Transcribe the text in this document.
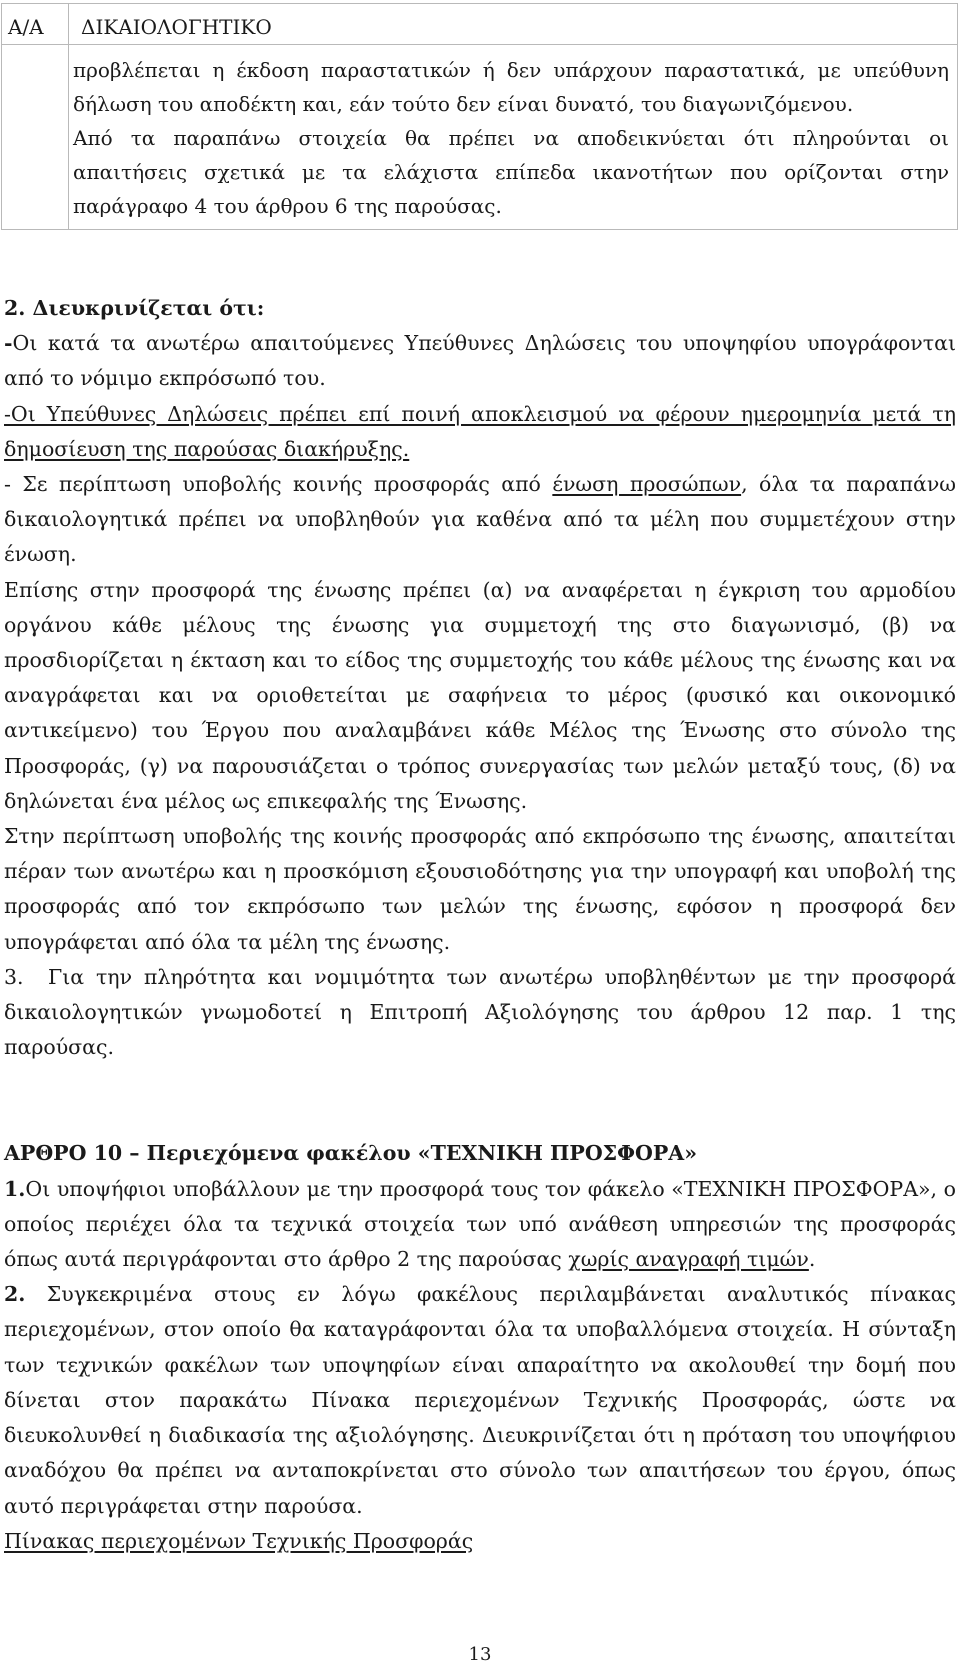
Α/Α	ΔΙΚΑΙΟΛΟΓΗΤΙΚΟ

	προβλέπεται η έκδοση παραστατικών ή δεν υπάρχουν παραστατικά, με υπεύθυνη δήλωση του αποδέκτη και, εάν τούτο δεν είναι δυνατό, του διαγωνιζόμενου.

Από τα παραπάνω στοιχεία θα πρέπει να αποδεικνύεται ότι πληρούνται οι απαιτήσεις σχετικά με τα ελάχιστα επίπεδα ικανοτήτων που ορίζονται στην παράγραφο 4 του άρθρου 6 της παρούσας.

2. Διευκρινίζεται ότι:

-Οι κατά τα ανωτέρω απαιτούμενες Υπεύθυνες Δηλώσεις του υποψηφίου υπογράφονται από το νόμιμο εκπρόσωπό του.

-Οι Υπεύθυνες Δηλώσεις πρέπει επί ποινή αποκλεισμού να φέρουν ημερομηνία μετά τη δημοσίευση της παρούσας διακήρυξης.

- Σε περίπτωση υποβολής κοινής προσφοράς από ένωση προσώπων, όλα τα παραπάνω δικαιολογητικά πρέπει να υποβληθούν για καθένα από τα μέλη που συμμετέχουν στην ένωση.

Επίσης στην προσφορά της ένωσης πρέπει (α) να αναφέρεται η έγκριση του αρμοδίου οργάνου κάθε μέλους της ένωσης για συμμετοχή της στο διαγωνισμό, (β) να προσδιορίζεται η έκταση και το είδος της συμμετοχής του κάθε μέλους της ένωσης και να αναγράφεται και να οριοθετείται με σαφήνεια το μέρος (φυσικό και οικονομικό αντικείμενο) του Έργου που αναλαμβάνει κάθε Μέλος της Ένωσης στο σύνολο της Προσφοράς, (γ) να παρουσιάζεται ο τρόπος συνεργασίας των μελών μεταξύ τους, (δ) να δηλώνεται ένα μέλος ως επικεφαλής της Ένωσης.

Στην περίπτωση υποβολής της κοινής προσφοράς από εκπρόσωπο της ένωσης, απαιτείται πέραν των ανωτέρω και η προσκόμιση εξουσιοδότησης για την υπογραφή και υποβολή της προσφοράς από τον εκπρόσωπο των μελών της ένωσης, εφόσον η προσφορά δεν υπογράφεται από όλα τα μέλη της ένωσης.

3. Για την πληρότητα και νομιμότητα των ανωτέρω υποβληθέντων με την προσφορά δικαιολογητικών γνωμοδοτεί η Επιτροπή Αξιολόγησης του άρθρου 12 παρ. 1 της παρούσας.

ΑΡΘΡΟ 10 – Περιεχόμενα φακέλου «ΤΕΧΝΙΚΗ ΠΡΟΣΦΟΡΑ»

1.Οι υποψήφιοι υποβάλλουν με την προσφορά τους τον φάκελο «ΤΕΧΝΙΚΗ ΠΡΟΣΦΟΡΑ», ο οποίος περιέχει όλα τα τεχνικά στοιχεία των υπό ανάθεση υπηρεσιών της προσφοράς όπως αυτά περιγράφονται στο άρθρο 2 της παρούσας χωρίς αναγραφή τιμών.

2. Συγκεκριμένα στους εν λόγω φακέλους περιλαμβάνεται αναλυτικός πίνακας περιεχομένων, στον οποίο θα καταγράφονται όλα τα υποβαλλόμενα στοιχεία. Η σύνταξη των τεχνικών φακέλων των υποψηφίων είναι απαραίτητο να ακολουθεί την δομή που δίνεται στον παρακάτω Πίνακα περιεχομένων Τεχνικής Προσφοράς, ώστε να διευκολυνθεί η διαδικασία της αξιολόγησης. Διευκρινίζεται ότι η πρόταση του υποψήφιου αναδόχου θα πρέπει να ανταποκρίνεται στο σύνολο των απαιτήσεων του έργου, όπως αυτό περιγράφεται στην παρούσα.

Πίνακας περιεχομένων Τεχνικής Προσφοράς

13
